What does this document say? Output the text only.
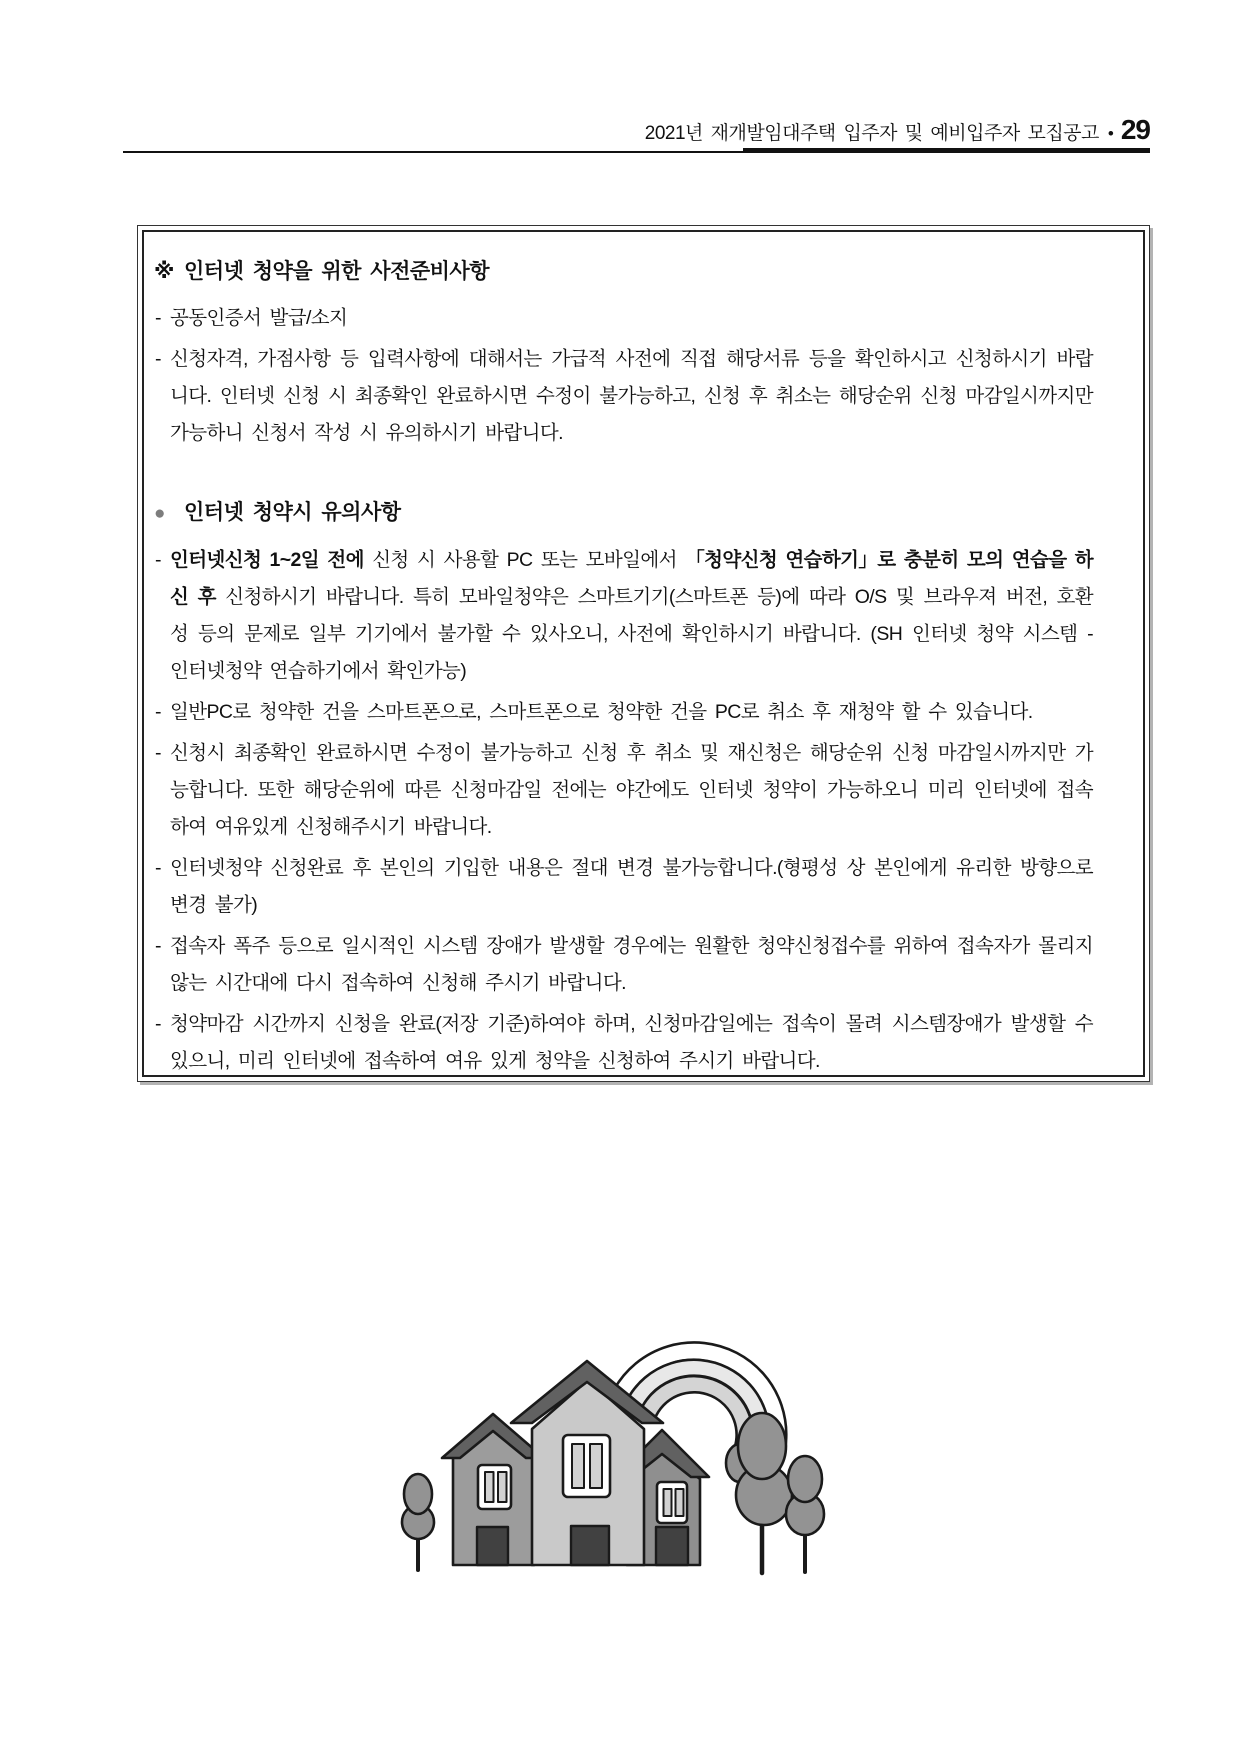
2021년 재개발임대주택 입주자 및 예비입주자 모집공고 • 29
※ 인터넷 청약을 위한 사전준비사항
- 공동인증서 발급/소지
- 신청자격, 가점사항 등 입력사항에 대해서는 가급적 사전에 직접 해당서류 등을 확인하시고 신청하시기 바랍니다. 인터넷 신청 시 최종확인 완료하시면 수정이 불가능하고, 신청 후 취소는 해당순위 신청 마감일시까지만 가능하니 신청서 작성 시 유의하시기 바랍니다.
● 인터넷 청약시 유의사항
- 인터넷신청 1~2일 전에 신청 시 사용할 PC 또는 모바일에서 「청약신청 연습하기」로 충분히 모의 연습을 하신 후 신청하시기 바랍니다. 특히 모바일청약은 스마트기기(스마트폰 등)에 따라 O/S 및 브라우져 버전, 호환성 등의 문제로 일부 기기에서 불가할 수 있사오니, 사전에 확인하시기 바랍니다. (SH 인터넷 청약 시스템 - 인터넷청약 연습하기에서 확인가능)
- 일반PC로 청약한 건을 스마트폰으로, 스마트폰으로 청약한 건을 PC로 취소 후 재청약 할 수 있습니다.
- 신청시 최종확인 완료하시면 수정이 불가능하고 신청 후 취소 및 재신청은 해당순위 신청 마감일시까지만 가능합니다. 또한 해당순위에 따른 신청마감일 전에는 야간에도 인터넷 청약이 가능하오니 미리 인터넷에 접속하여 여유있게 신청해주시기 바랍니다.
- 인터넷청약 신청완료 후 본인의 기입한 내용은 절대 변경 불가능합니다.(형평성 상 본인에게 유리한 방향으로 변경 불가)
- 접속자 폭주 등으로 일시적인 시스템 장애가 발생할 경우에는 원활한 청약신청접수를 위하여 접속자가 몰리지 않는 시간대에 다시 접속하여 신청해 주시기 바랍니다.
- 청약마감 시간까지 신청을 완료(저장 기준)하여야 하며, 신청마감일에는 접속이 몰려 시스템장애가 발생할 수 있으니, 미리 인터넷에 접속하여 여유 있게 청약을 신청하여 주시기 바랍니다.
